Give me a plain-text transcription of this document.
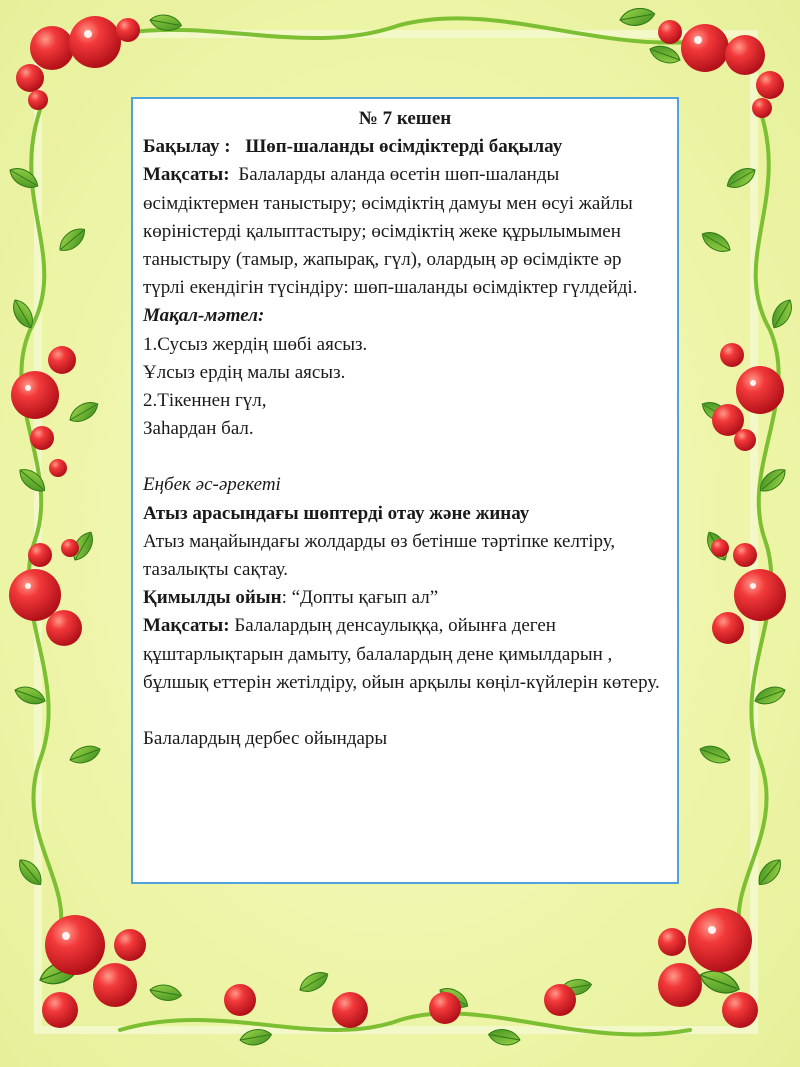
№ 7 кешен

Бақылау : Шөп-шаланды өсімдіктерді бақылау

Мақсаты: Балаларды аланда өсетін шөп-шаланды өсімдіктермен таныстыру; өсімдіктің дамуы мен өсуі жайлы көріністерді қалыптастыру; өсімдіктің жеке құрылымымен таныстыру (тамыр, жапырақ, гүл), олардың әр өсімдікте әр түрлі екендігін түсіндіру: шөп-шаланды өсімдіктер гүлдейді.

Мақал-мәтел:

1.Сусыз жердің шөбі аясыз.

Ұлсыз ердің малы аясыз.

2.Тікеннен гүл,

Заһардан бал.

Еңбек әс-әрекеті

Атыз арасындағы шөптерді отау және жинау

Атыз маңайындағы жолдарды өз бетінше тәртіпке келтіру, тазалықты сақтау.

Қимылды ойын: “Допты қағып ал”

Мақсаты: Балалардың денсаулыққа, ойынға деген құштарлықтарын дамыту, балалардың дене қимылдарын , бұлшық еттерін жетілдіру, ойын арқылы көңіл-күйлерін көтеру.

Балалардың дербес ойындары
